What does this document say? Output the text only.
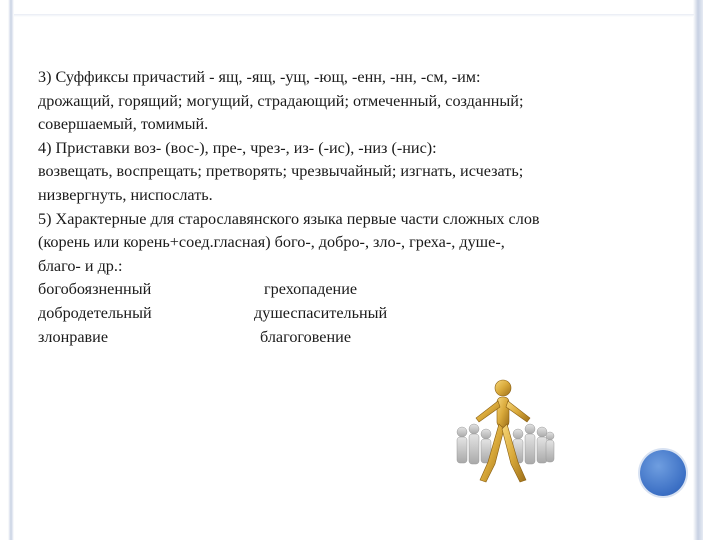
3) Суффиксы причастий - ящ, -ящ, -ущ, -ющ, -енн, -нн, -см, -им:
дрожащий, горящий; могущий, страдающий; отмеченный, созданный;
совершаемый, томимый.
4) Приставки воз- (вос-), пре-, чрез-, из- (-ис), -низ (-нис):
возвещать, воспрещать; претворять; чрезвычайный; изгнать, исчезать;
низвергнуть, ниспослать.
5) Характерные для старославянского языка первые части сложных слов
(корень или корень+соед.гласная) бого-, добро-, зло-, греха-, душе-,
благо- и др.:
богобоязненный	грехопадение
добродетельный	душеспасительный
злонравие	благоговение
